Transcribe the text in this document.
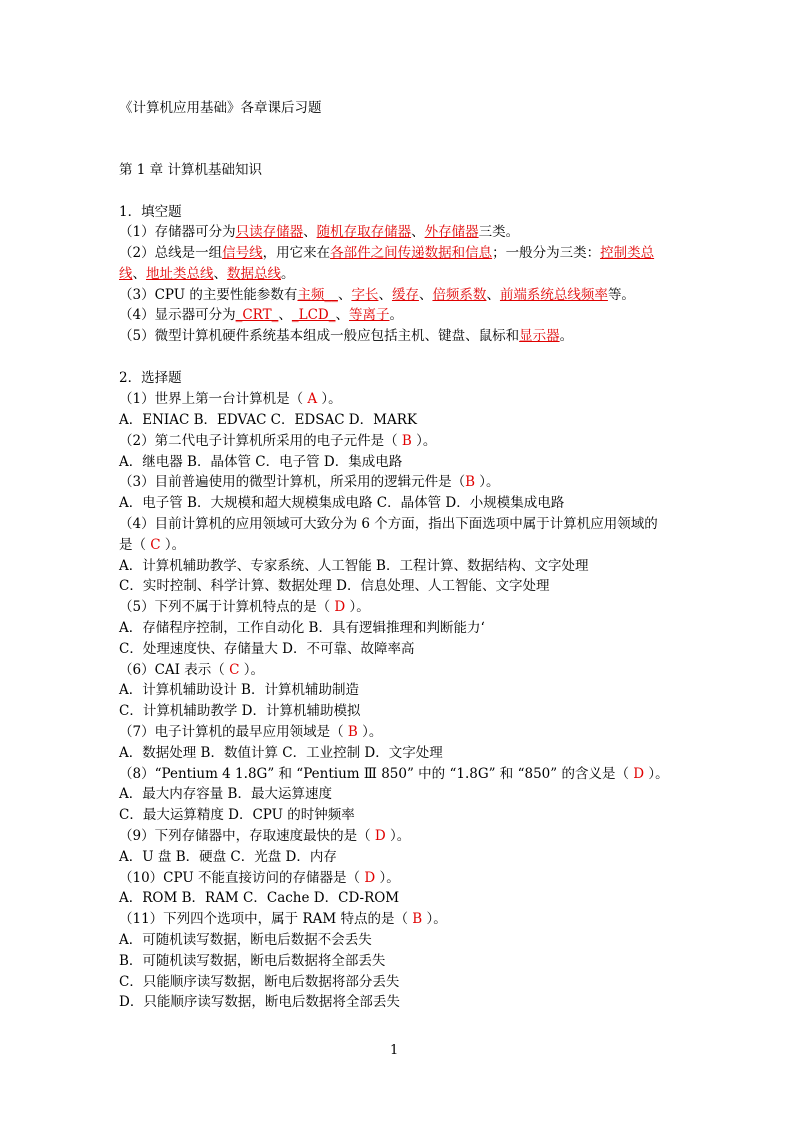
《计算机应用基础》各章课后习题
第 1 章 计算机基础知识
1．填空题
（1）存储器可分为只读存储器、随机存取存储器、外存储器三类。
（2）总线是一组信号线，用它来在各部件之间传递数据和信息；一般分为三类：控制类总
线、地址类总线、数据总线。
（3）CPU 的主要性能参数有主频__、字长、缓存、倍频系数、前端系统总线频率等。
（4）显示器可分为_CRT_、_LCD_、等离子。
（5）微型计算机硬件系统基本组成一般应包括主机、键盘、鼠标和显示器。
2．选择题
（1）世界上第一台计算机是（ A ）。
A．ENIAC B．EDVAC C．EDSAC D．MARK
（2）第二代电子计算机所采用的电子元件是（ B ）。
A．继电器 B．晶体管 C．电子管 D．集成电路
（3）目前普遍使用的微型计算机，所采用的逻辑元件是（B ）。
A．电子管 B．大规模和超大规模集成电路 C．晶体管 D．小规模集成电路
（4）目前计算机的应用领域可大致分为 6 个方面，指出下面选项中属于计算机应用领域的
是（ C ）。
A．计算机辅助教学、专家系统、人工智能 B．工程计算、数据结构、文字处理
C．实时控制、科学计算、数据处理 D．信息处理、人工智能、文字处理
（5）下列不属于计算机特点的是（ D ）。
A．存储程序控制，工作自动化 B．具有逻辑推理和判断能力‘
C．处理速度快、存储量大 D．不可靠、故障率高
（6）CAI 表示（ C ）。
A．计算机辅助设计 B．计算机辅助制造
C．计算机辅助教学 D．计算机辅助模拟
（7）电子计算机的最早应用领域是（ B ）。
A．数据处理 B．数值计算 C．工业控制 D．文字处理
（8）“Pentium 4 1.8G” 和 “Pentium Ⅲ 850” 中的 “1.8G” 和 “850” 的含义是（ D ）。
A．最大内存容量 B．最大运算速度
C．最大运算精度 D．CPU 的时钟频率
（9）下列存储器中，存取速度最快的是（ D ）。
A．U 盘 B．硬盘 C．光盘 D．内存
（10）CPU 不能直接访问的存储器是（ D ）。
A．ROM B．RAM C．Cache D．CD-ROM
（11）下列四个选项中，属于 RAM 特点的是（ B ）。
A．可随机读写数据，断电后数据不会丢失
B．可随机读写数据，断电后数据将全部丢失
C．只能顺序读写数据，断电后数据将部分丢失
D．只能顺序读写数据，断电后数据将全部丢失
1
